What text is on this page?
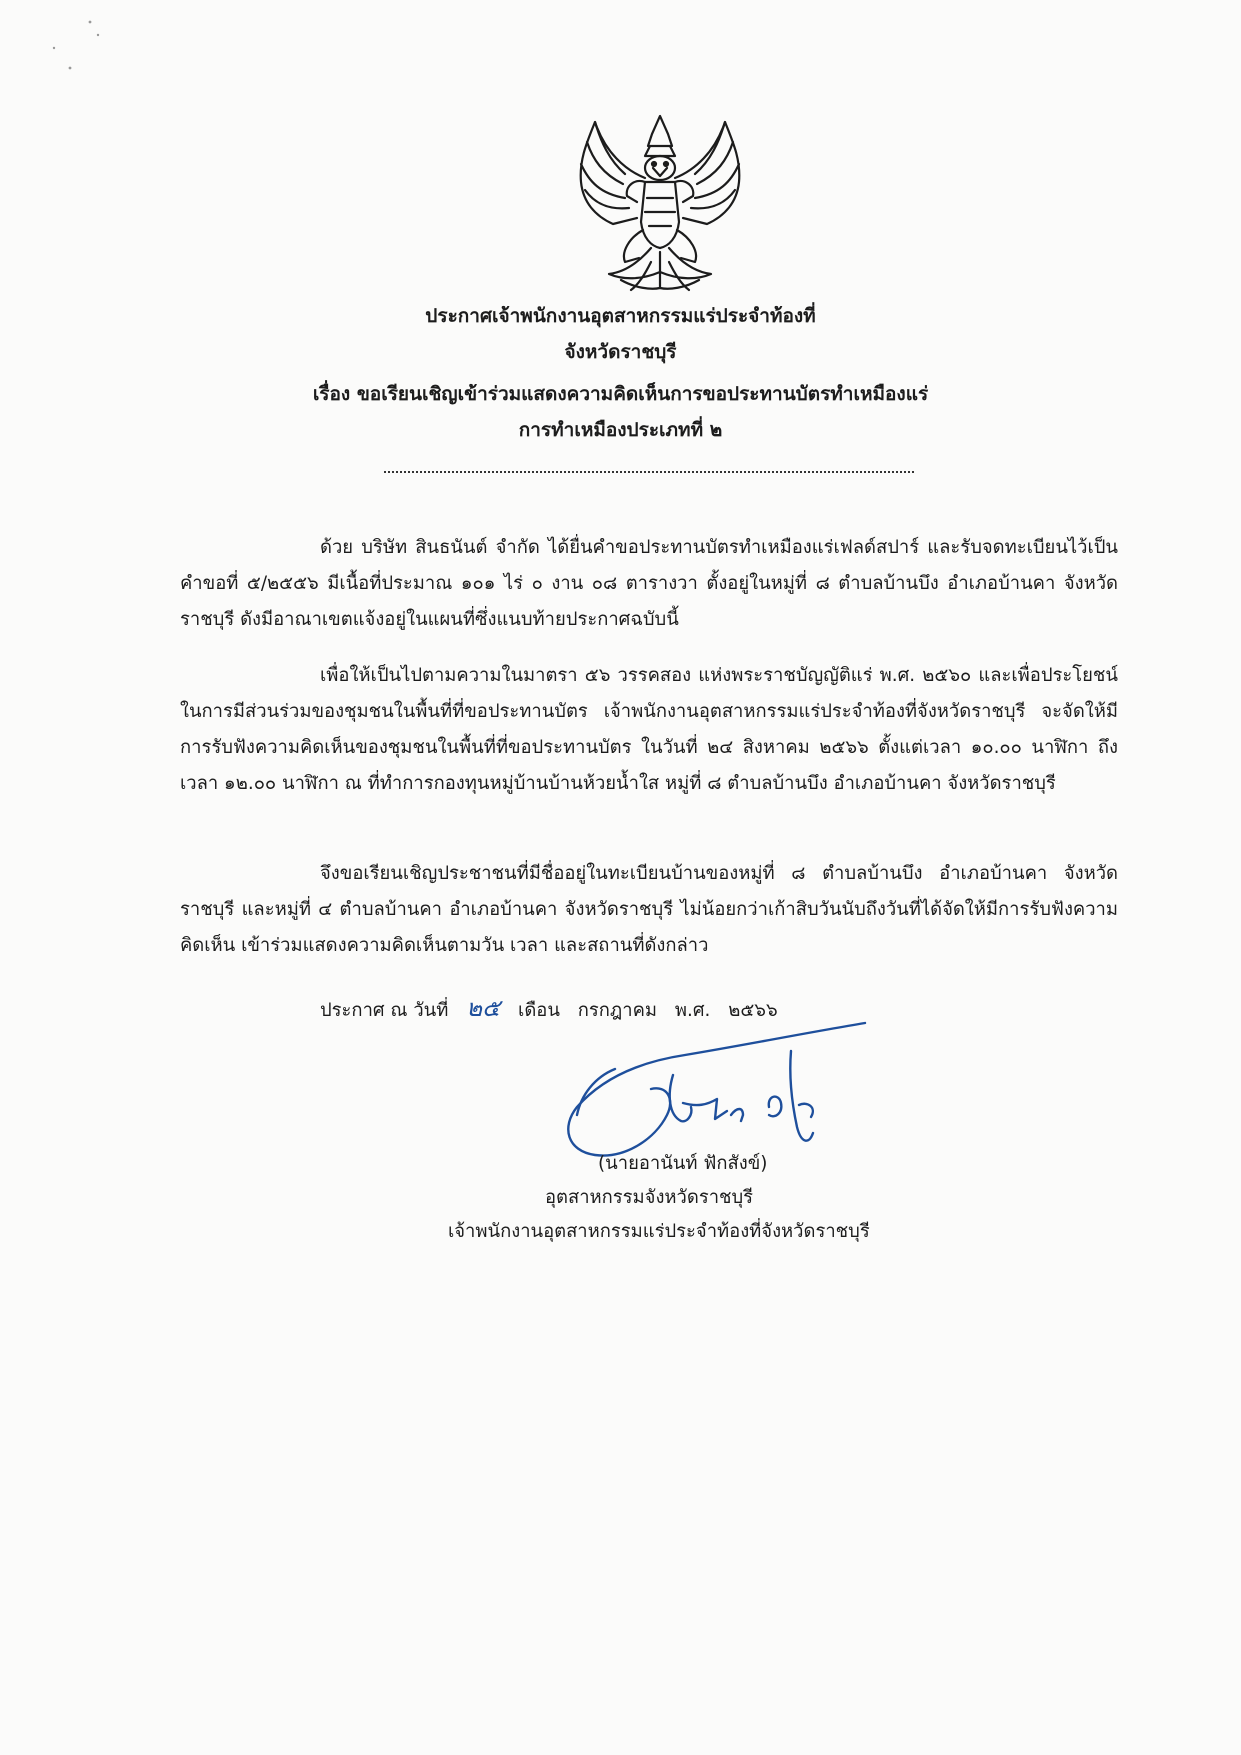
ประกาศเจ้าพนักงานอุตสาหกรรมแร่ประจำท้องที่
จังหวัดราชบุรี
เรื่อง ขอเรียนเชิญเข้าร่วมแสดงความคิดเห็นการขอประทานบัตรทำเหมืองแร่
การทำเหมืองประเภทที่ ๒

ด้วย บริษัท สินธนันต์ จำกัด ได้ยื่นคำขอประทานบัตรทำเหมืองแร่เฟลด์สปาร์ และรับจดทะเบียนไว้เป็นคำขอที่ ๕/๒๕๕๖ มีเนื้อที่ประมาณ ๑๐๑ ไร่ ๐ งาน ๐๘ ตารางวา ตั้งอยู่ในหมู่ที่ ๘ ตำบลบ้านบึง อำเภอบ้านคา จังหวัดราชบุรี ดังมีอาณาเขตแจ้งอยู่ในแผนที่ซึ่งแนบท้ายประกาศฉบับนี้

เพื่อให้เป็นไปตามความในมาตรา ๕๖ วรรคสอง แห่งพระราชบัญญัติแร่ พ.ศ. ๒๕๖๐ และเพื่อประโยชน์ในการมีส่วนร่วมของชุมชนในพื้นที่ที่ขอประทานบัตร เจ้าพนักงานอุตสาหกรรมแร่ประจำท้องที่จังหวัดราชบุรี จะจัดให้มีการรับฟังความคิดเห็นของชุมชนในพื้นที่ที่ขอประทานบัตร ในวันที่ ๒๔ สิงหาคม ๒๕๖๖ ตั้งแต่เวลา ๑๐.๐๐ นาฬิกา ถึงเวลา ๑๒.๐๐ นาฬิกา ณ ที่ทำการกองทุนหมู่บ้านบ้านห้วยน้ำใส หมู่ที่ ๘ ตำบลบ้านบึง อำเภอบ้านคา จังหวัดราชบุรี

จึงขอเรียนเชิญประชาชนที่มีชื่ออยู่ในทะเบียนบ้านของหมู่ที่ ๘ ตำบลบ้านบึง อำเภอบ้านคา จังหวัดราชบุรี และหมู่ที่ ๔ ตำบลบ้านคา อำเภอบ้านคา จังหวัดราชบุรี ไม่น้อยกว่าเก้าสิบวันนับถึงวันที่ได้จัดให้มีการรับฟังความคิดเห็น เข้าร่วมแสดงความคิดเห็นตามวัน เวลา และสถานที่ดังกล่าว

ประกาศ ณ วันที่ ๒๕ เดือน กรกฎาคม พ.ศ. ๒๕๖๖
(นายอานันท์ ฟักสังข์)
อุตสาหกรรมจังหวัดราชบุรี
เจ้าพนักงานอุตสาหกรรมแร่ประจำท้องที่จังหวัดราชบุรี
